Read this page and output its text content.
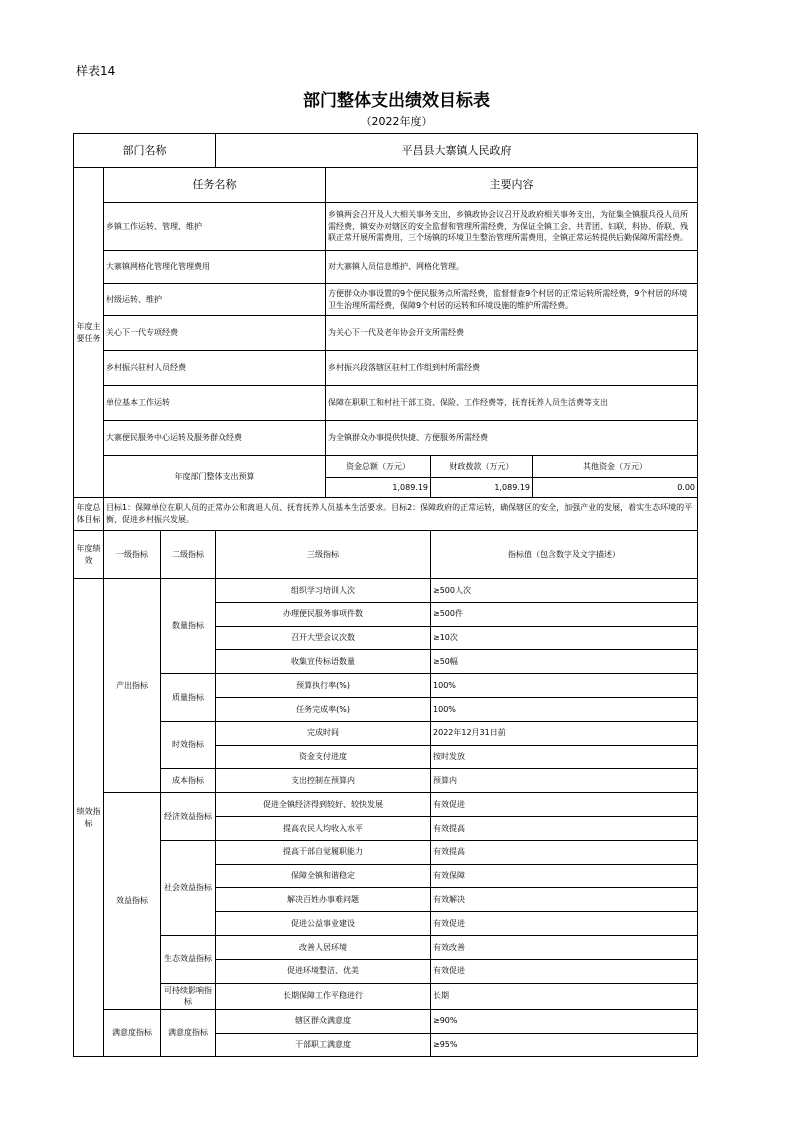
样表14
部门整体支出绩效目标表
（2022年度）
部门名称			平昌县大寨镇人民政府			
年度主要任务	任务名称			主要内容		
	乡镇工作运转、管理、维护			乡镇两会召开及人大相关事务支出，乡镇政协会议召开及政府相关事务支出，为征集全镇服兵役人员所需经费，镇安办对辖区的安全监督和管理所需经费，为保证全镇工会、共青团、妇联，科协、侨联、残联正常开展所需费用，三个场镇的环境卫生整治管理所需费用，全镇正常运转提供后勤保障所需经费。		
	大寨镇网格化管理化管理费用			对大寨镇人员信息维护、网格化管理。		
	村级运转、维护			方便群众办事设置的9个便民服务点所需经费，监督督查9个村居的正常运转所需经费，9个村居的环境卫生治理所需经费，保障9个村居的运转和环境设施的维护所需经费。		
	关心下一代专项经费			为关心下一代及老年协会开支所需经费		
	乡村振兴驻村人员经费			乡村振兴段落辖区驻村工作组到村所需经费		
	单位基本工作运转			保障在职职工和村社干部工资、保险、工作经费等，抚育抚养人员生活费等支出		
	大寨便民服务中心运转及服务群众经费			为全镇群众办事提供快捷、方便服务所需经费		
	年度部门整体支出预算			资金总额（万元）	财政拨款（万元）	其他资金（万元）
				1,089.19	1,089.19	0.00
年度总体目标	目标1：保障单位在职人员的正常办公和离退人员、抚育抚养人员基本生活要求。目标2：保障政府的正常运转，确保辖区的安全，加强产业的发展，着实生态环境的平衡，促进乡村振兴发展。					
年度绩效	一级指标	二级指标	三级指标		指标值（包含数字及文字描述）	
绩效指标	产出指标	数量指标	组织学习培训人次		≥500人次	
			办理便民服务事项件数		≥500件	
			召开大型会议次数		≥10次	
			收集宣传标语数量		≥50幅	
		质量指标	预算执行率(%)		100%	
			任务完成率(%)		100%	
		时效指标	完成时间		2022年12月31日前	
			资金支付进度		按时发放	
		成本指标	支出控制在预算内		预算内	
	效益指标	经济效益指标	促进全镇经济得到较好、较快发展		有效促进	
			提高农民人均收入水平		有效提高	
		社会效益指标	提高干部自觉履职能力		有效提高	
			保障全镇和谐稳定		有效保障	
			解决百姓办事难问题		有效解决	
			促进公益事业建设		有效促进	
		生态效益指标	改善人居环境		有效改善	
			促进环境整洁、优美		有效促进	
		可持续影响指标	长期保障工作平稳进行		长期	
	满意度指标	满意度指标	辖区群众满意度		≥90%	
			干部职工满意度		≥95%	
